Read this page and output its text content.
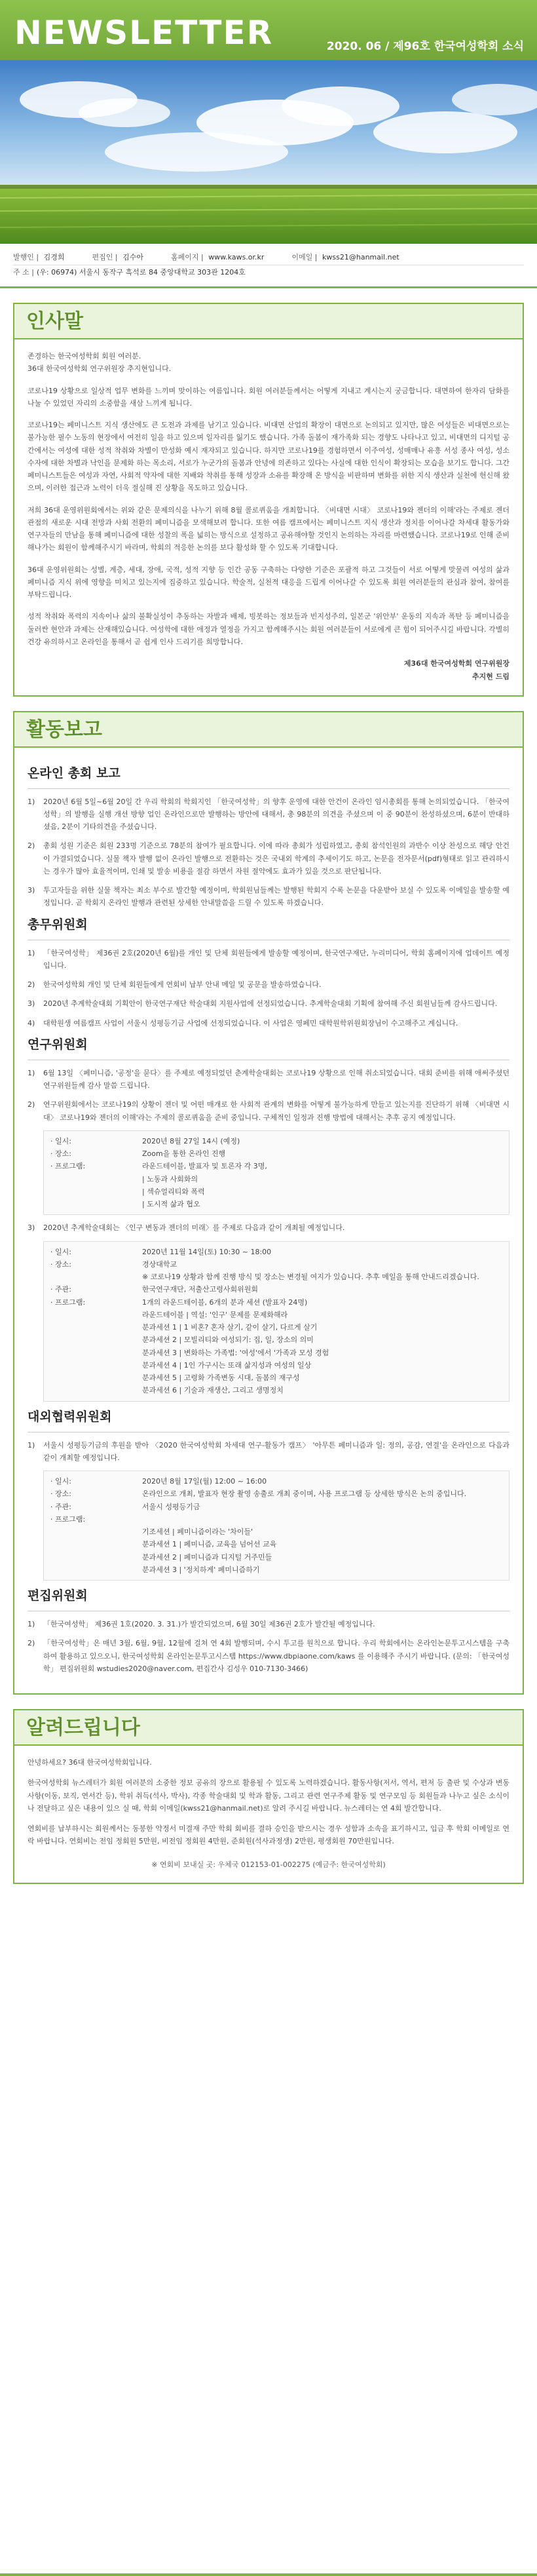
NEWSLETTER	2020. 06 / 제96호 한국여성학회 소식
발행인 | 김경희	편집인 | 김수아	홈페이지 | www.kaws.or.kr	이메일 | kwss21@hanmail.net
주 소 | (우: 06974) 서울시 동작구 흑석로 84 중앙대학교 303관 1204호
인사말

존경하는 한국여성학회 회원 여러분.

36대 한국여성학회 연구위원장 추지현입니다.

코로나19 상황으로 일상적 업무 변화를 느끼며 맞이하는 여름입니다. 회원 여러분들께서는 어떻게 지내고 계시는지 궁금합니다. 대면하여 한자리 담화를 나눌 수 있었던 자리의 소중함을 새삼 느끼게 됩니다.

코로나19는 페미니스트 지식 생산에도 큰 도전과 과제를 남기고 있습니다. 비대면 산업의 확장이 대면으로 논의되고 있지만, 많은 여성들은 비대면으로는 불가능한 필수 노동의 현장에서 여전히 일을 하고 있으며 일자리를 잃기도 했습니다. 가족 돌봄이 재가족화 되는 경향도 나타나고 있고, 비대면의 디지털 공간에서는 여성에 대한 성적 착취와 차별이 만성화 예시 재자되고 있습니다. 하지만 코로나19를 경험하면서 이주여성, 성매매나 유흥 서성 종사 여성, 성소수자에 대한 차별과 낙인을 문제화 하는 목소리, 서로가 누군가의 돌봄과 안녕에 의존하고 있다는 사실에 대한 인식이 확장되는 모습을 보기도 합니다. 그간 페미니스트들은 여성과 자연, 사회적 약자에 대한 지배와 착취를 통해 성장과 소유를 확장해 온 방식을 비판하며 변화를 위한 지식 생산과 실천에 헌신해 왔으며, 이러한 접근과 노력이 더욱 절실해 진 상황을 목도하고 있습니다.

저희 36대 운영위원회에서는 위와 같은 문제의식을 나누기 위해 8월 콜로퀴움을 개최합니다. 〈비대면 시대〉 코로나19와 젠더의 이해'라는 주제로 젠더 관점의 새로운 시대 전망과 사회 전환의 페미니즘을 모색해보려 합니다. 또한 여름 캠프에서는 페미니스트 지식 생산과 정치를 이어나갈 차세대 활동가와 연구자들의 만남을 통해 페미니즘에 대한 성찰의 폭을 넓히는 방식으로 설정하고 공유해야할 것인지 논의하는 자리를 마련했습니다. 코로나19로 인해 준비해나가는 회원이 함께해주시기 바라며, 학회의 적응한 논의를 보다 활성화 할 수 있도록 기대합니다.

36대 운영위원회는 성별, 계층, 세대, 장애, 국적, 성적 지향 등 인간 공동 구축하는 다양한 기준은 포괄적 하고 그것들이 서로 어떻게 맞물려 여성의 삶과 페미니즘 지식 위에 영향을 미치고 있는지에 집중하고 있습니다. 학술적, 실천적 대응을 드립게 이어나갈 수 있도록 회원 여러분들의 관심과 참여, 참여를 부탁드립니다.

성적 착취와 폭력의 지속이나 삶의 불확실성이 추동하는 자발과 배제, 빙봇하는 정보들과 빈지성주의, 일본군 '위안부' 운동의 지속과 폭탄 등 페미니즘을 둘러싼 현안과 과제는 산재해있습니다. 여성학에 대한 애정과 열정을 가지고 함께해주시는 회원 여러분들이 서로에게 큰 힘이 되어주시길 바랍니다. 각별히 건강 유의하시고 온라인을 통해서 곧 쉽게 인사 드리기를 희망합니다.

제36대 한국여성학회 연구위원장
추지현 드림
활동보고
온라인 총회 보고
1)	2020년 6월 5일~6월 20일 간 우리 학회의 학회지인 「한국여성학」의 향후 운영에 대한 안건이 온라인 임시총회를 통해 논의되었습니다. 「한국여성학」의 발행을 실행 개선 방향 업인 온라인으로만 발행하는 방안에 대해서, 총 98분의 의견을 주셨으며 이 중 90분이 찬성하셨으며, 6분이 반대하셨음, 2분이 기타의견을 주셨습니다.
2)	총회 성원 기준은 회원 233명 기준으로 78분의 참여가 필요합니다. 이에 따라 총회가 성립하였고, 총회 참석인원의 과반수 이상 찬성으로 해당 안건이 가결되었습니다. 실물 책자 발행 없이 온라인 발행으로 전환하는 것은 국내외 학계의 추세이기도 하고, 논문을 전자문서(pdf)형태로 읽고 관리하시는 경우가 많아 효율적이며, 인쇄 및 발송 비용을 절감 하면서 자원 절약에도 효과가 있을 것으로 판단됩니다.
3)	투고자들을 위한 실물 책자는 최소 부수로 발간할 예정이며, 학회원님들께는 발행된 학회지 수록 논문을 다운받아 보실 수 있도록 이메일을 발송할 예정입니다. 곧 학회지 온라인 발행과 관련된 상세한 안내말씀을 드릴 수 있도록 하겠습니다.
총무위원회
1)	「한국여성학」 제36권 2호(2020년 6월)를 개인 및 단체 회원들에게 발송할 예정이며, 한국연구재단, 누리미디어, 학회 홈페이지에 업데이트 예정입니다.
2)	한국여성학회 개인 및 단체 회원들에게 연회비 납부 안내 메일 및 공문을 발송하였습니다.
3)	2020년 추계학술대회 기획안이 한국연구재단 학술대회 지원사업에 선정되었습니다. 추계학술대회 기획에 참여해 주신 회원님들께 감사드립니다.
4)	대학원생 여름캠프 사업이 서울시 성평등기금 사업에 선정되었습니다. 이 사업은 영페민 대학원학위원회장님이 수고해주고 계십니다.
연구위원회
1)	6월 13일 〈페미니즘, '공정'을 묻다〉를 주제로 예정되었던 춘계학술대회는 코로나19 상황으로 인해 취소되었습니다. 대회 준비를 위해 애써주셨던 연구위원들께 감사 말씀 드립니다.
2)	연구위원회에서는 코로나19의 상황이 젠더 및 어떤 매개로 한 사회적 관계의 변화를 어떻게 불가능하게 만들고 있는지를 진단하기 위해 〈비대면 시대〉 코로나19와 젠더의 이해'라는 주제의 콜로퀴움을 준비 중입니다. 구체적인 일정과 진행 방법에 대해서는 추후 공지 예정입니다.
· 일시:	2020년 8월 27일 14시 (예정)
· 장소:	Zoom을 통한 온라인 진행
· 프로그램:	라운드테이블, 발표자 및 토론자 각 3명,
| 노동과 사회화의
| 섹슈얼리티와 폭력
| 도시적 삶과 협오
3)	2020년 추계학술대회는 〈인구 변동과 젠더의 미래〉를 주제로 다음과 같이 개최될 예정입니다.
· 일시:	2020년 11월 14일(토) 10:30 ~ 18:00
· 장소:	경상대학교
※ 코로나19 상황과 함께 진행 방식 및 장소는 변경될 여지가 있습니다. 추후 메일을 통해 안내드리겠습니다.
· 주관:	한국연구재단, 저출산고령사회위원회
· 프로그램:	1개의 라운드테이블, 6개의 분과 세션 (발표자 24명)
라운드테이블 | 역설: '인구' 문제를 문제화해라
분과세션 1 | 1 비혼? 혼자 살기, 같이 살기, 다르게 살기
분과세션 2 | 모빌리티와 여성되기: 집, 일, 장소의 의미
분과세션 3 | 변화하는 가족법: '여성'에서 '가족과 모성 경험
분과세션 4 | 1인 가구시는 또래 삶지성과 여성의 일상
분과세션 5 | 고령화 가족변동 시대, 돌봄의 재구성
분과세션 6 | 기술과 재생산, 그리고 생명정치
대외협력위원회
1)	서울시 성평등기금의 후원을 받아 〈2020 한국여성학회 차세대 연구-활동가 캠프〉 '아무튼 페미니즘과 일: 정의, 공감, 연결'을 온라인으로 다음과 같이 개최할 예정입니다.
· 일시:	2020년 8월 17일(월) 12:00 ~ 16:00
· 장소:	온라인으로 개최, 발표자 현장 촬영 송출로 개최 중이며, 사용 프로그램 등 상세한 방식은 논의 중입니다.
· 주관:	서울시 성평등기금
· 프로그램:
기조세션 | 페미니즘이라는 '차이들'
분과세션 1 | 페미니즘, 교육을 넘어선 교육
분과세션 2 | 페미니즘과 디지털 거주민들
분과세션 3 | '정치하게' 페미니즘하기
편집위원회
1)	「한국여성학」 제36권 1호(2020. 3. 31.)가 발간되었으며, 6월 30일 제36권 2호가 발간될 예정입니다.
2)	「한국여성학」은 매년 3월, 6월, 9월, 12월에 걸쳐 연 4회 발행되며, 수시 투고를 원칙으로 합니다. 우리 학회에서는 온라인논문투고시스템을 구축하여 활용하고 있으오니, 한국여성학회 온라인논문투고시스템 https://www.dbpiaone.com/kaws 를 이용해주 주시기 바랍니다. (문의: 「한국여성학」 편집위원회 wstudies2020@naver.com, 편집간사 김성우 010-7130-3466)
알려드립니다

안녕하세요? 36대 한국여성학회입니다.

한국여성학회 뉴스레터가 회원 여러분의 소중한 정보 공유의 장으로 활용될 수 있도록 노력하겠습니다. 활동사항(저서, 역서, 편저 등 출판 및 수상과 변동사항(이동, 보직, 연서간 등), 학위 취득(석사, 박사), 각종 학술대회 및 학과 활동, 그리고 관련 연구주제 활동 및 연구모임 등 회원들과 나누고 싶은 소식이나 전달하고 싶은 내용이 있으 실 때, 학회 이메일(kwss21@hanmail.net)로 알려 주시길 바랍니다. 뉴스레터는 연 4회 발간합니다.

연회비를 납부하시는 회원께서는 동봉한 약정서 미결재 주만 학회 회비를 결하 승인을 받으시는 경우 성함과 소속을 표기하시고, 입금 후 학회 이메일로 연락 바랍니다. 연회비는 전임 정회원 5만원, 비전임 정회원 4만원, 준회원(석사과정생) 2만원, 평생회원 70만원입니다.

※ 연회비 보내실 곳: 우체국 012153-01-002275 (예금주: 한국여성학회)
